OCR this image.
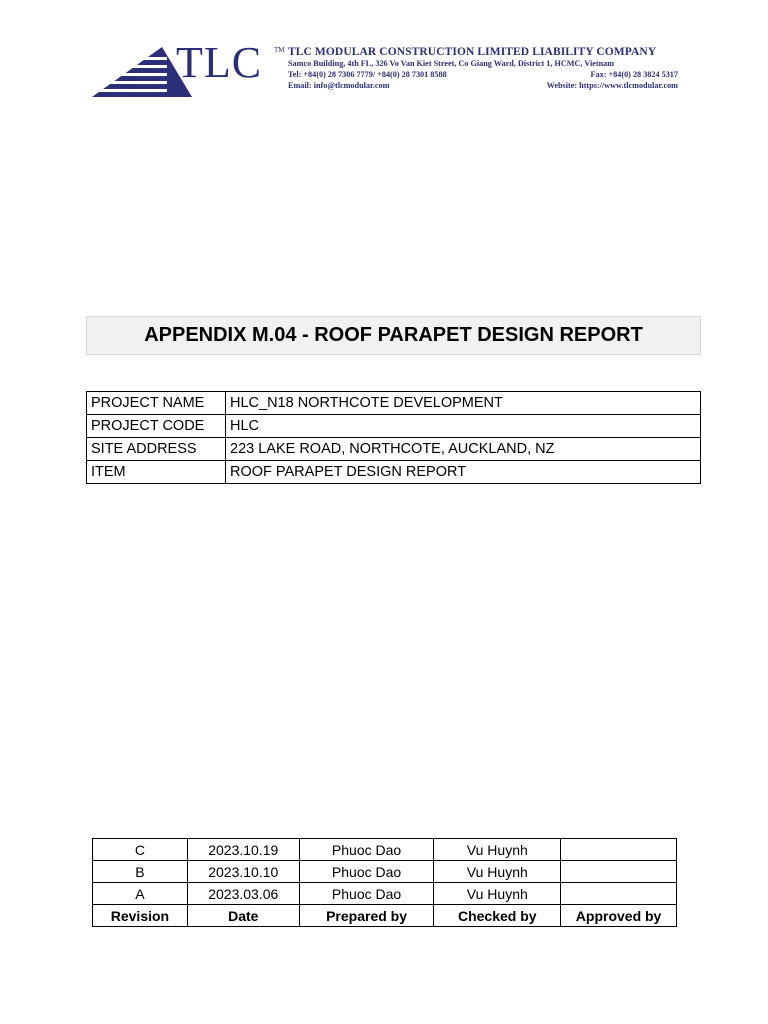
TLC TM TLC MODULAR CONSTRUCTION LIMITED LIABILITY COMPANY
Samco Building, 4th FL, 326 Vo Van Kiet Street, Co Giang Ward, District 1, HCMC, Vietnam
Tel: +84(0) 28 7306 7779/ +84(0) 28 7301 8588	Fax: +84(0) 28 3824 5317
Email: info@tlcmodular.com	Website: https://www.tlcmodular.com
APPENDIX M.04 - ROOF PARAPET DESIGN REPORT
PROJECT NAME	HLC_N18 NORTHCOTE DEVELOPMENT
PROJECT CODE	HLC
SITE ADDRESS	223 LAKE ROAD, NORTHCOTE, AUCKLAND, NZ
ITEM	ROOF PARAPET DESIGN REPORT
C	2023.10.19	Phuoc Dao	Vu Huynh	
B	2023.10.10	Phuoc Dao	Vu Huynh	
A	2023.03.06	Phuoc Dao	Vu Huynh	
Revision	Date	Prepared by	Checked by	Approved by
